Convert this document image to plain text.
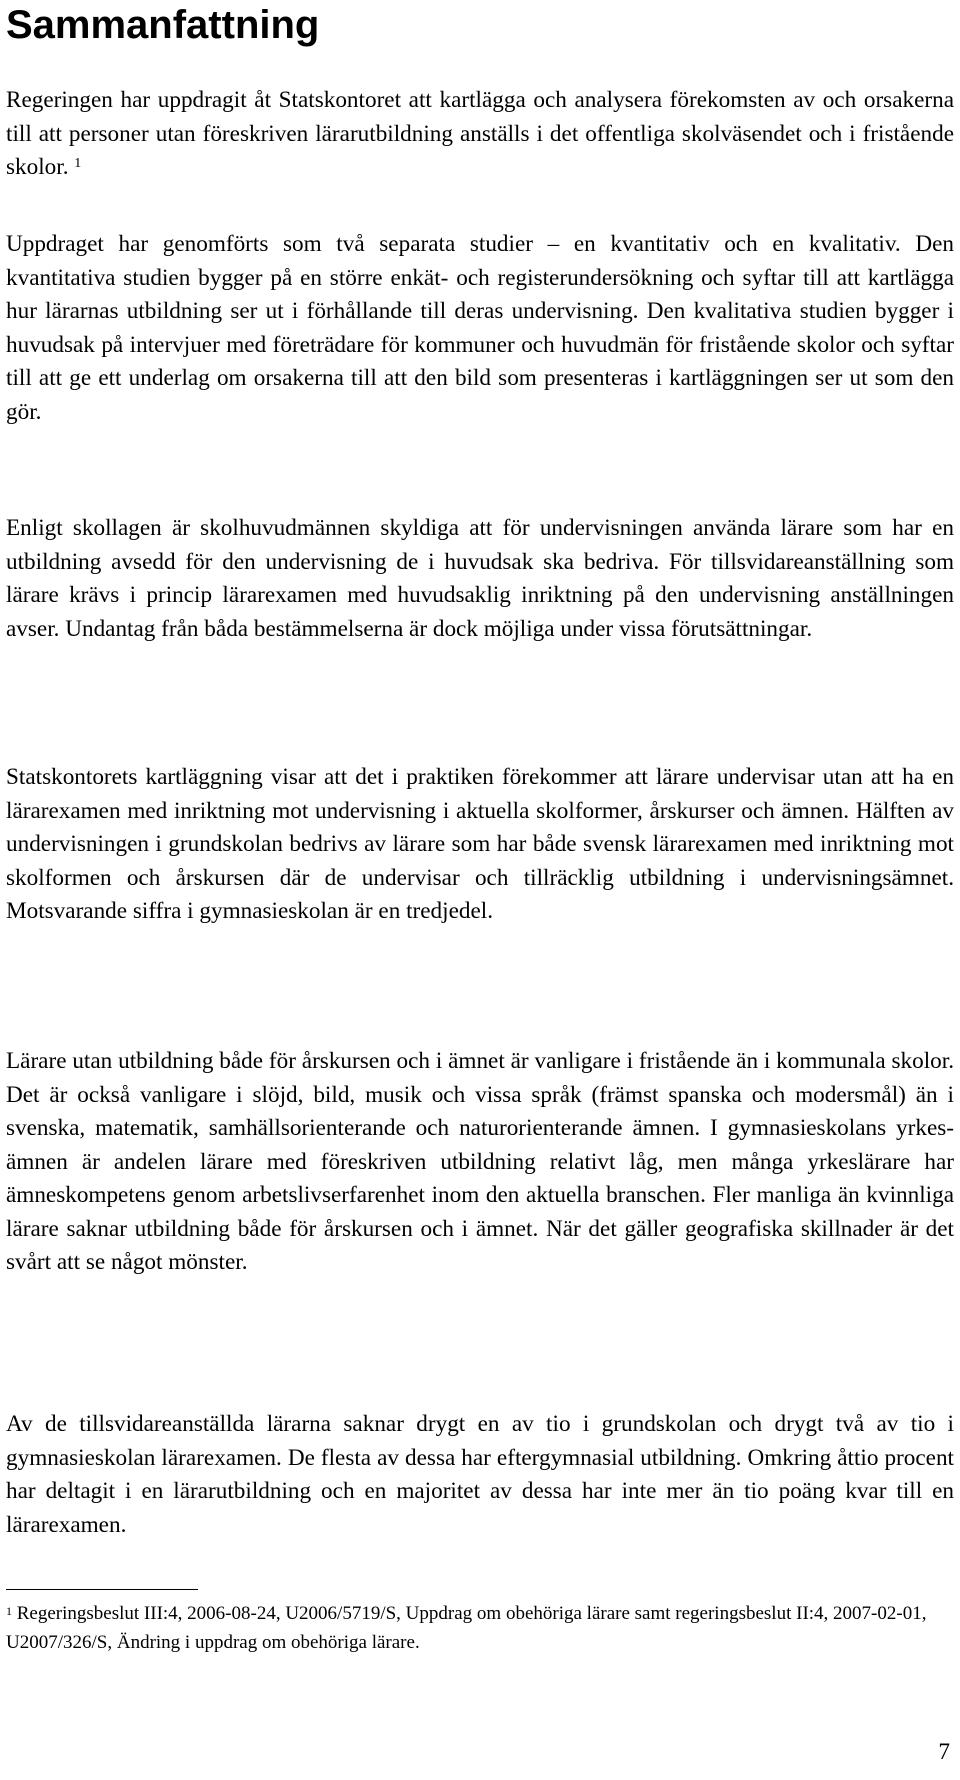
Sammanfattning

Regeringen har uppdragit åt Statskontoret att kartlägga och analysera förekomsten av och orsakerna till att personer utan föreskriven lärarutbildning anställs i det offentliga skolväsendet och i fristående skolor. $^1$

Uppdraget har genomförts som två separata studier – en kvantitativ och en kvalitativ. Den kvantitativa studien bygger på en större enkät- och registerundersökning och syftar till att kartlägga hur lärarnas utbildning ser ut i förhållande till deras undervisning. Den kvalitativa studien bygger i huvudsak på intervjuer med företrädare för kommuner och huvudmän för fristående skolor och syftar till att ge ett underlag om orsakerna till att den bild som presenteras i kartläggningen ser ut som den gör.

Enligt skollagen är skolhuvudmännen skyldiga att för undervisningen använda lärare som har en utbildning avsedd för den undervisning de i huvudsak ska bedriva. För tillsvidareanställning som lärare krävs i princip lärarexamen med huvudsaklig inriktning på den undervisning anställningen avser. Undantag från båda bestämmelserna är dock möjliga under vissa förutsättningar.

Statskontorets kartläggning visar att det i praktiken förekommer att lärare undervisar utan att ha en lärarexamen med inriktning mot undervisning i aktuella skolformer, årskurser och ämnen. Hälften av undervisningen i grundskolan bedrivs av lärare som har både svensk lärarexamen med inriktning mot skolformen och årskursen där de undervisar och tillräcklig utbildning i undervisningsämnet. Motsvarande siffra i gymnasieskolan är en tredjedel.

Lärare utan utbildning både för årskursen och i ämnet är vanligare i fristående än i kommunala skolor. Det är också vanligare i slöjd, bild, musik och vissa språk (främst spanska och modersmål) än i svenska, matematik, samhällsorienterande och naturorienterande ämnen. I gymnasieskolans yrkesämnen är andelen lärare med föreskriven utbildning relativt låg, men många yrkeslärare har ämneskompetens genom arbetslivserfarenhet inom den aktuella branschen. Fler manliga än kvinnliga lärare saknar utbildning både för årskursen och i ämnet. När det gäller geografiska skillnader är det svårt att se något mönster.

Av de tillsvidareanställda lärarna saknar drygt en av tio i grundskolan och drygt två av tio i gymnasieskolan lärarexamen. De flesta av dessa har eftergymnasial utbildning. Omkring åttio procent har deltagit i en lärarutbildning och en majoritet av dessa har inte mer än tio poäng kvar till en lärarexamen.

$^1$ Regeringsbeslut III:4, 2006-08-24, U2006/5719/S, Uppdrag om obehöriga lärare samt regeringsbeslut II:4, 2007-02-01, U2007/326/S, Ändring i uppdrag om obehöriga lärare.

7
